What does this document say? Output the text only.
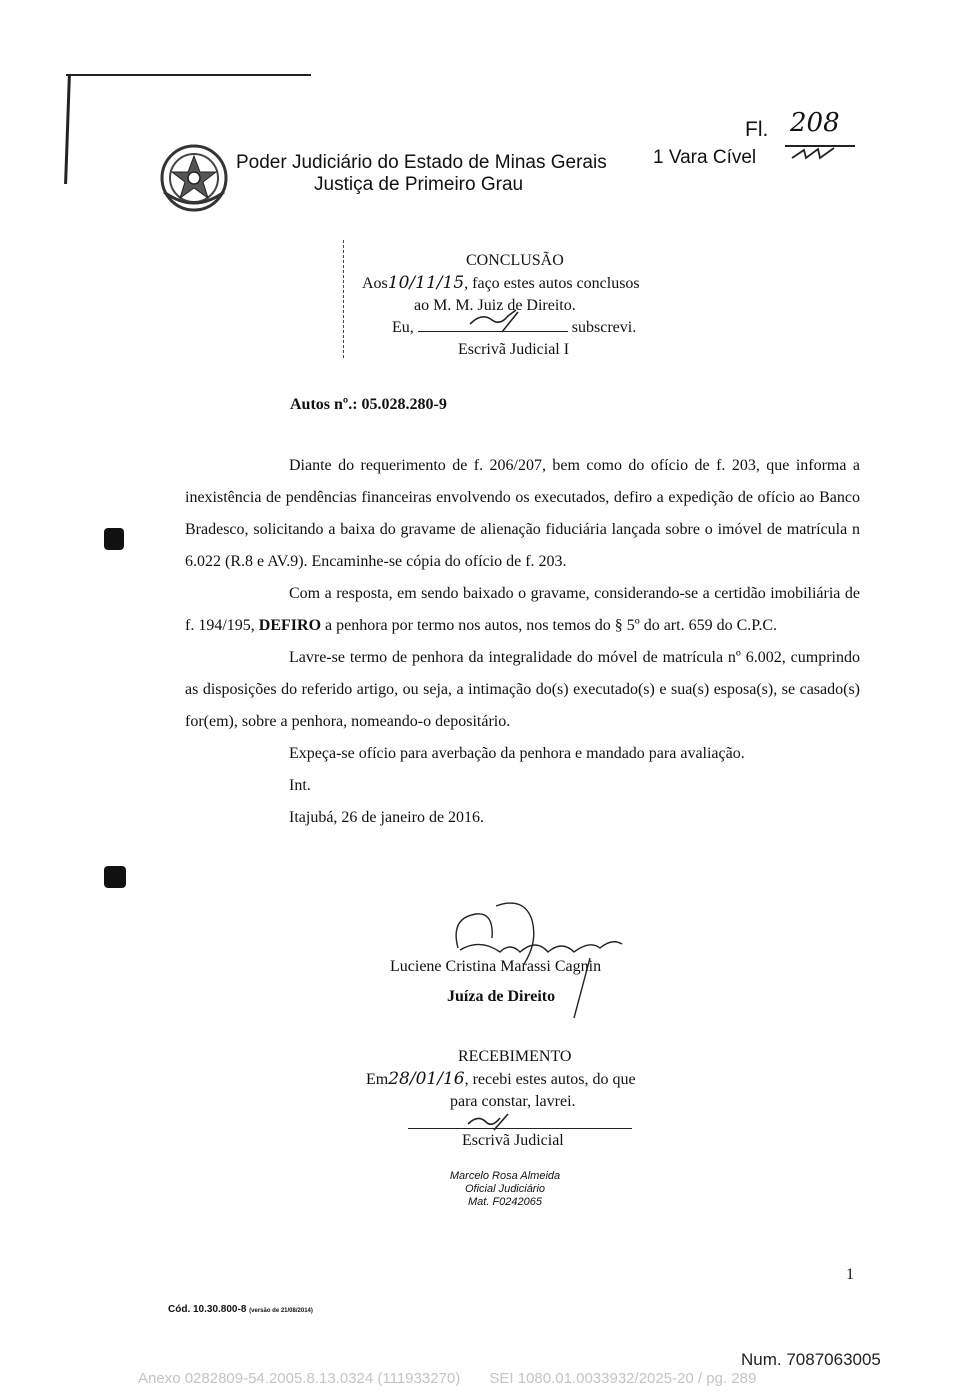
Poder Judiciário do Estado de Minas Gerais
Justiça de Primeiro Grau
Fl. 208
1 Vara Cível
CONCLUSÃO
Aos10/11/15, faço estes autos conclusos
ao M. M. Juiz de Direito.
Eu,	subscrevi.
Escrivã Judicial I
Autos nº.: 05.028.280-9

Diante do requerimento de f. 206/207, bem como do ofício de f. 203, que informa a inexistência de pendências financeiras envolvendo os executados, defiro a expedição de ofício ao Banco Bradesco, solicitando a baixa do gravame de alienação fiduciária lançada sobre o imóvel de matrícula n 6.022 (R.8 e AV.9). Encaminhe-se cópia do ofício de f. 203.

Com a resposta, em sendo baixado o gravame, considerando-se a certidão imobiliária de f. 194/195, DEFIRO a penhora por termo nos autos, nos temos do § 5º do art. 659 do C.P.C.

Lavre-se termo de penhora da integralidade do móvel de matrícula nº 6.002, cumprindo as disposições do referido artigo, ou seja, a intimação do(s) executado(s) e sua(s) esposa(s), se casado(s) for(em), sobre a penhora, nomeando-o depositário.

Expeça-se ofício para averbação da penhora e mandado para avaliação.

Int.

Itajubá, 26 de janeiro de 2016.

Luciene Cristina Marassi Cagnin
Juíza de Direito
RECEBIMENTO
Em28/01/16, recebi estes autos, do que
para constar, lavrei.
Escrivã Judicial
Marcelo Rosa Almeida
Oficial Judiciário
Mat. F0242065
1
Cód. 10.30.800-8 (versão de 21/08/2014)
Num. 7087063005
Anexo 0282809-54.2005.8.13.0324 (111933270)       SEI 1080.01.0033932/2025-20 / pg. 289
